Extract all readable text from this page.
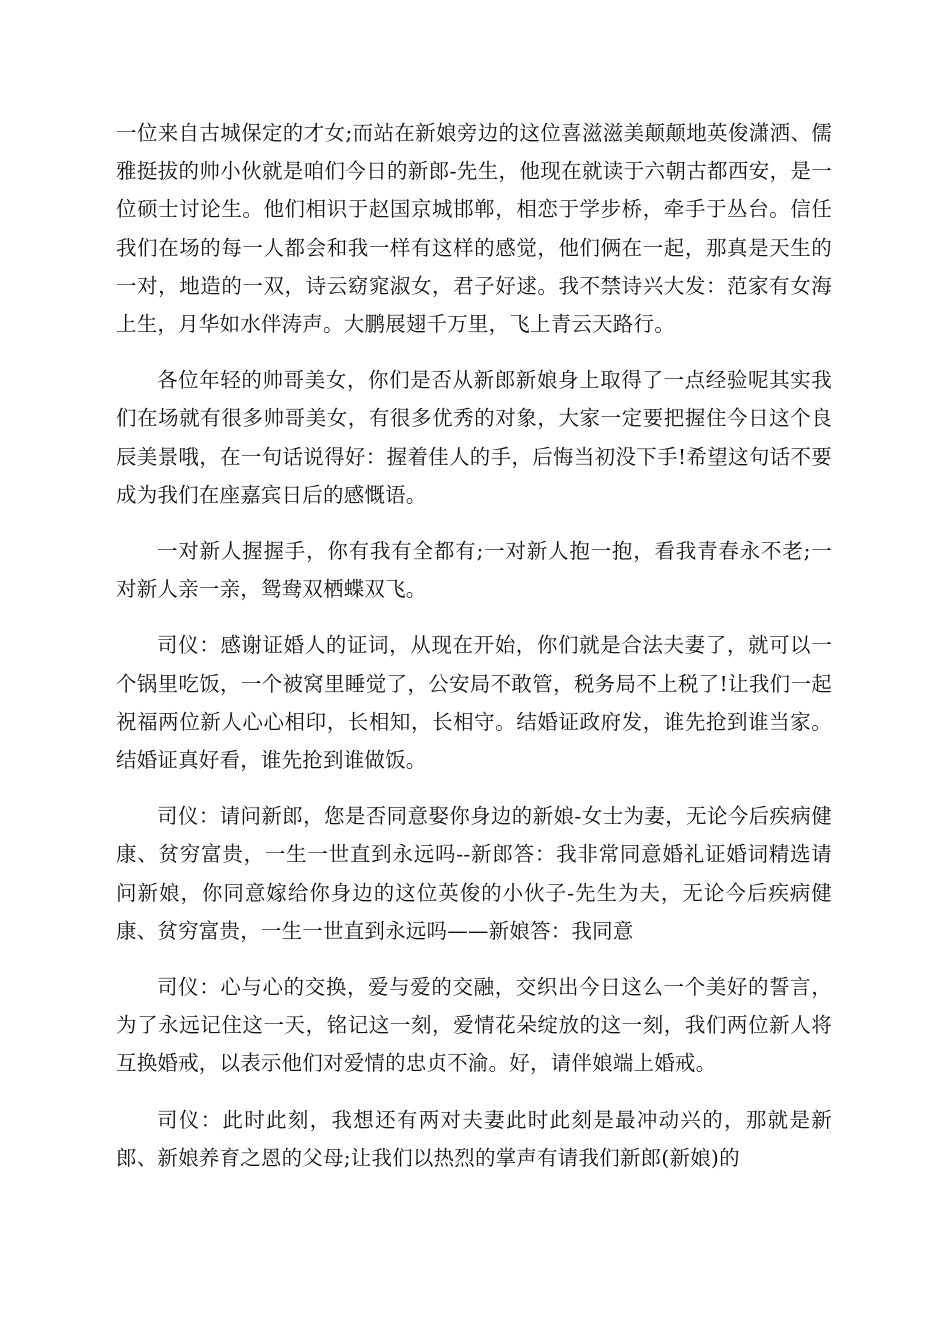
一位来自古城保定的才女;而站在新娘旁边的这位喜滋滋美颠颠地英俊潇洒、儒雅挺拔的帅小伙就是咱们今日的新郎-先生，他现在就读于六朝古都西安，是一位硕士讨论生。他们相识于赵国京城邯郸，相恋于学步桥，牵手于丛台。信任我们在场的每一人都会和我一样有这样的感觉，他们俩在一起，那真是天生的一对，地造的一双，诗云窈窕淑女，君子好逑。我不禁诗兴大发：范家有女海上生，月华如水伴涛声。大鹏展翅千万里，飞上青云天路行。

各位年轻的帅哥美女，你们是否从新郎新娘身上取得了一点经验呢其实我们在场就有很多帅哥美女，有很多优秀的对象，大家一定要把握住今日这个良辰美景哦，在一句话说得好：握着佳人的手，后悔当初没下手!希望这句话不要成为我们在座嘉宾日后的感慨语。

一对新人握握手，你有我有全都有;一对新人抱一抱，看我青春永不老;一对新人亲一亲，鸳鸯双栖蝶双飞。

司仪：感谢证婚人的证词，从现在开始，你们就是合法夫妻了，就可以一个锅里吃饭，一个被窝里睡觉了，公安局不敢管，税务局不上税了!让我们一起祝福两位新人心心相印，长相知，长相守。结婚证政府发，谁先抢到谁当家。结婚证真好看，谁先抢到谁做饭。

司仪：请问新郎，您是否同意娶你身边的新娘-女士为妻，无论今后疾病健康、贫穷富贵，一生一世直到永远吗--新郎答：我非常同意婚礼证婚词精选请问新娘，你同意嫁给你身边的这位英俊的小伙子-先生为夫，无论今后疾病健康、贫穷富贵，一生一世直到永远吗——新娘答：我同意

司仪：心与心的交换，爱与爱的交融，交织出今日这么一个美好的誓言，为了永远记住这一天，铭记这一刻，爱情花朵绽放的这一刻，我们两位新人将互换婚戒，以表示他们对爱情的忠贞不渝。好，请伴娘端上婚戒。

司仪：此时此刻，我想还有两对夫妻此时此刻是最冲动兴的，那就是新郎、新娘养育之恩的父母;让我们以热烈的掌声有请我们新郎(新娘)的
